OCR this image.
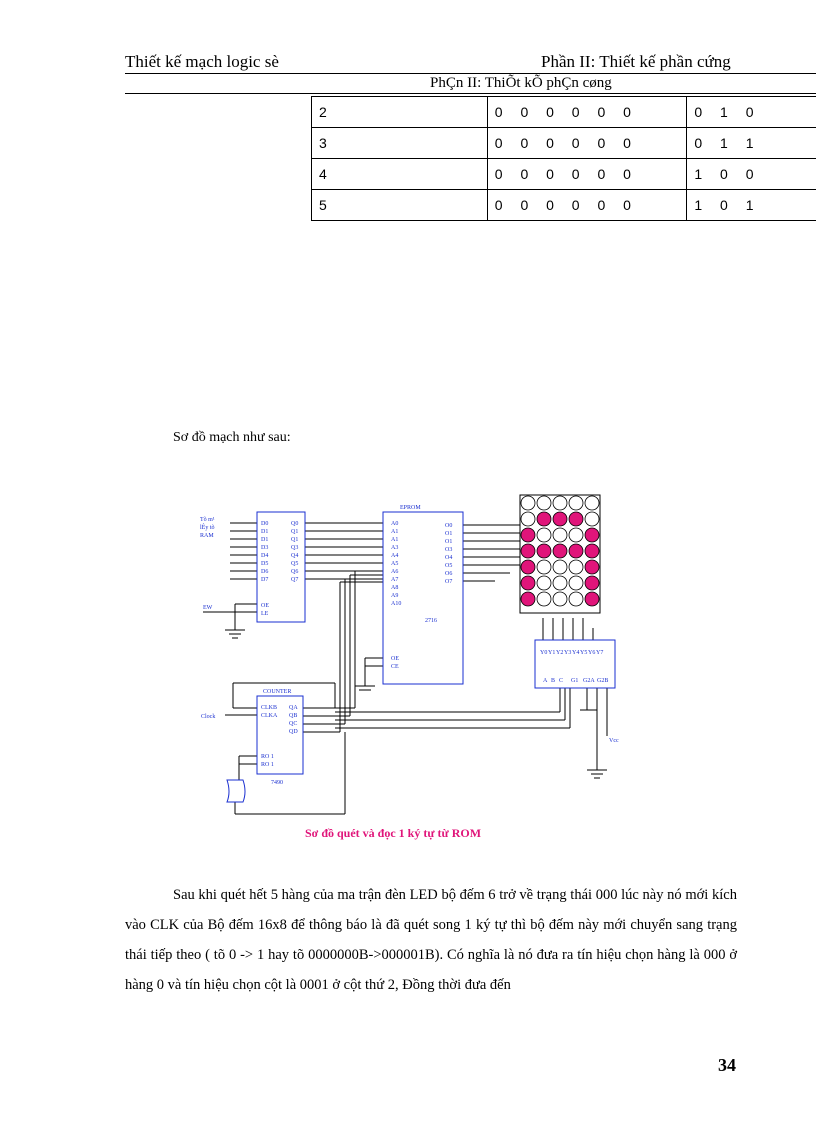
Thiết kế mạch logic sè	Phần II: Thiết kế phần cứng
PhÇn II: ThiÕt kÕ phÇn cøng
2	0 0 0 0 0 0	0 1 0
3	0 0 0 0 0 0	0 1 1
4	0 0 0 0 0 0	1 0 0
5	0 0 0 0 0 0	1 0 1
Sơ đồ mạch như sau:
Tõ m¹
lÊy tõ
RAM
EW
D0
D1
D1
D3
D4
D5
D6
D7
Q0
Q1
Q1
Q3
Q4
Q5
Q6
Q7
OE
LE
EPROM
A0
A1
A1
A3
A4
A5
A6
A7
A8
A9
A10
O0
O1
O1
O3
O4
O5
O6
O7
OE
CE
2716
COUNTER
CLKB
CLKA
QA
QB
QC
QD
RO 1
RO 1
7490
Clock
Y0 Y1 Y2 Y3 Y4 Y5 Y6 Y7
A B C G1 G2A G2B
Vcc
Sơ đồ quét và đọc 1 ký tự từ ROM

Sau khi quét hết 5 hàng của ma trận đèn LED bộ đếm 6 trở về trạng thái 000 lúc này nó mới kích vào CLK của Bộ đếm 16x8 để thông báo là đã quét song 1 ký tự thì bộ đếm này mới chuyển sang trạng thái tiếp theo ( tõ 0 -> 1 hay tõ 0000000B->000001B). Có nghĩa là nó đưa ra tín hiệu chọn hàng là 000 ở hàng 0 và tín hiệu chọn cột là 0001 ở cột thứ 2, Đồng thời đưa đến

34
